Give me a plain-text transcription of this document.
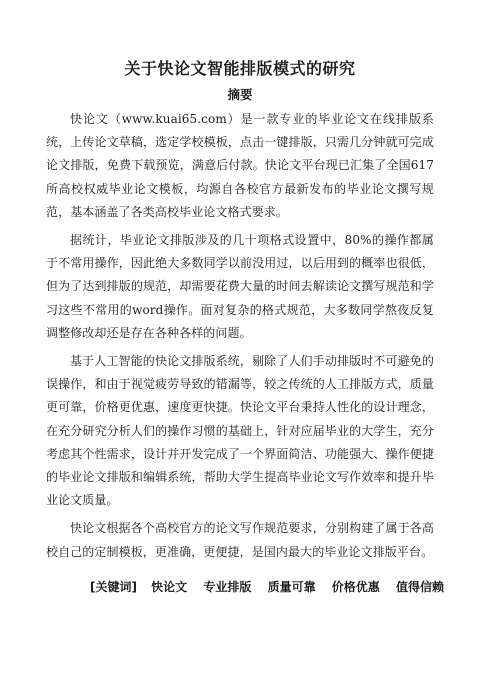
关于快论文智能排版模式的研究
摘要

快论文（www.kuai65.com）是一款专业的毕业论文在线排版系统，上传论文草稿，选定学校模板，点击一键排版，只需几分钟就可完成论文排版，免费下载预览，满意后付款。快论文平台现已汇集了全国617所高校权威毕业论文模板，均源自各校官方最新发布的毕业论文撰写规范，基本涵盖了各类高校毕业论文格式要求。

据统计，毕业论文排版涉及的几十项格式设置中，80%的操作都属于不常用操作，因此绝大多数同学以前没用过，以后用到的概率也很低，但为了达到排版的规范，却需要花费大量的时间去解读论文撰写规范和学习这些不常用的word操作。面对复杂的格式规范，大多数同学熬夜反复调整修改却还是存在各种各样的问题。

基于人工智能的快论文排版系统，剔除了人们手动排版时不可避免的误操作，和由于视觉疲劳导致的错漏等，较之传统的人工排版方式，质量更可靠，价格更优惠，速度更快捷。快论文平台秉持人性化的设计理念，在充分研究分析人们的操作习惯的基础上，针对应届毕业的大学生，充分考虑其个性需求，设计并开发完成了一个界面简洁、功能强大、操作便捷的毕业论文排版和编辑系统，帮助大学生提高毕业论文写作效率和提升毕业论文质量。

快论文根据各个高校官方的论文写作规范要求，分别构建了属于各高校自己的定制模板，更准确，更便捷，是国内最大的毕业论文排版平台。

[关键词] 快论文 专业排版 质量可靠 价格优惠 值得信赖
